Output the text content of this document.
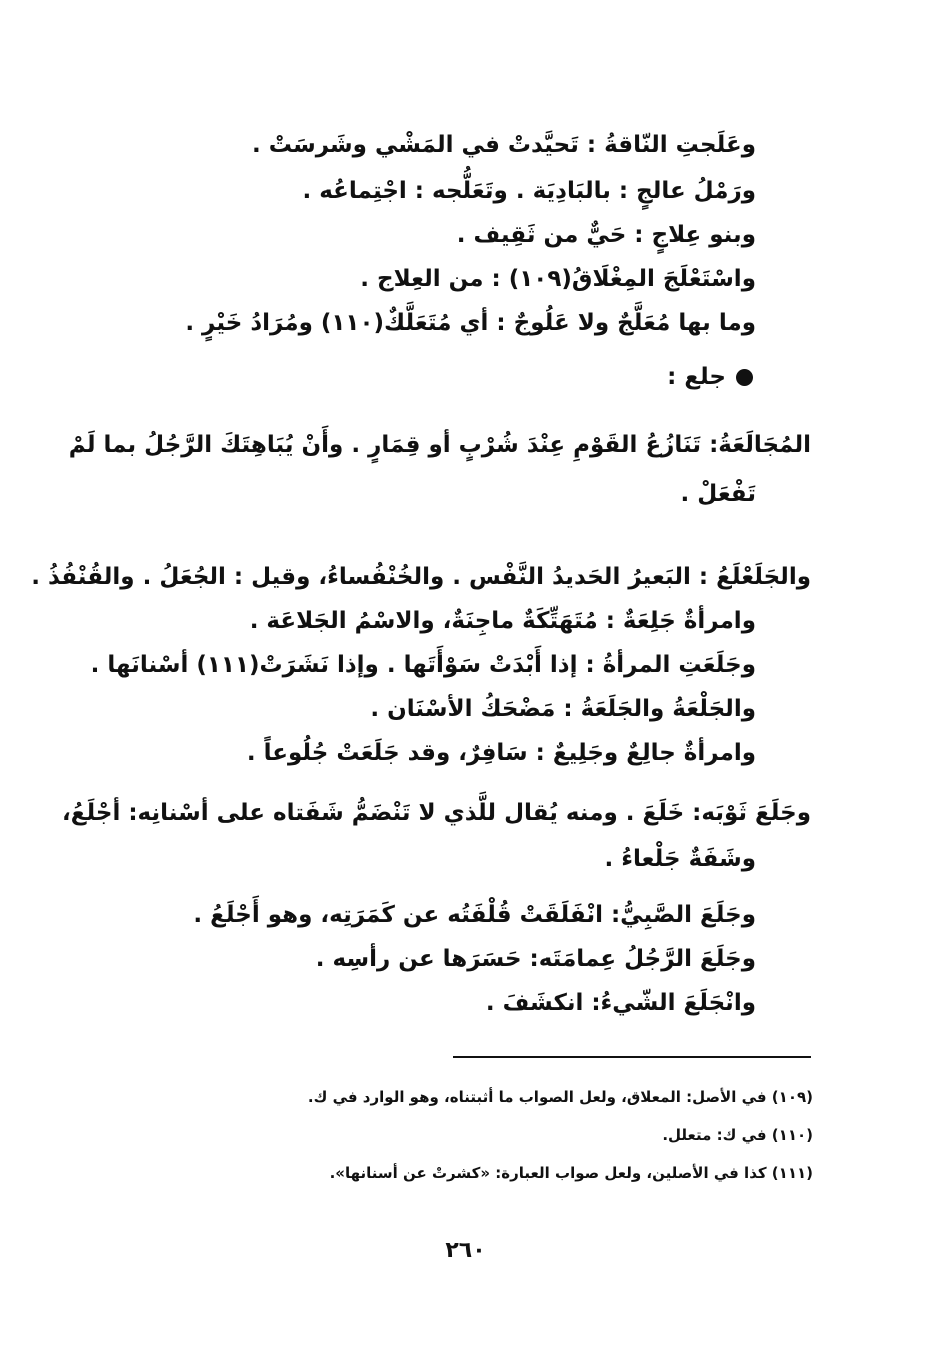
وعَلَجتِ النّاقةُ : تَحيَّدتْ في المَشْي وشَرسَتْ .
ورَمْلُ عالجٍ : بالبَادِيَة . وتَعَلُّجه : اجْتِماعُه .
وبنو عِلاجٍ : حَيٌّ من ثَقِيف .
واسْتَعْلَجَ المِغْلَاقُ(١٠٩) : من العِلاج .
وما بها مُعَلَّجٌ ولا عَلُوجٌ : أي مُتَعَلَّكٌ(١١٠) ومُرَادُ خَيْرٍ .
جلع :
المُجَالَعَةُ: تَنَازُعُ القَوْمِ عِنْدَ شُرْبٍ أو قِمَارٍ . وأَنْ يُبَاهِتَكَ الرَّجُلُ بما لَمْ
تَفْعَلْ .
والجَلَعْلَعُ : البَعيرُ الحَديدُ النَّفْس . والخُنْفُساءُ، وقيل : الجُعَلُ . والقُنْفُذُ .
وامرأةٌ جَلِعَةٌ : مُتَهَتِّكَةٌ ماجِنَةٌ، والاسْمُ الجَلاعَة .
وجَلَعَتِ المرأةُ : إذا أَبْدَتْ سَوْأَتَها . وإذا نَشَرَتْ(١١١) أسْنانَها .
والجَلْعَةُ والجَلَعَةُ : مَضْحَكُ الأسْنَان .
وامرأةٌ جالِعٌ وجَلِيعٌ : سَافِرٌ، وقد جَلَعَتْ جُلُوعاً .
وجَلَعَ ثَوْبَه: خَلَعَ . ومنه يُقال للَّذي لا تَنْضَمُّ شَفَتاه على أسْنانِه: أجْلَعُ،
وشَفَةٌ جَلْعاءُ .
وجَلَعَ الصَّبِيُّ: انْفَلَقَتْ قُلْفَتُه عن كَمَرَتِه، وهو أَجْلَعُ .
وجَلَعَ الرَّجُلُ عِمامَتَه: حَسَرَها عن رأسِه .
وانْجَلَعَ الشّيءُ: انكشَفَ .
(١٠٩) في الأصل: المعلاق، ولعل الصواب ما أثبتناه، وهو الوارد في ك.
(١١٠) في ك: متعلل.
(١١١) كذا في الأصلين، ولعل صواب العبارة: «كشرتْ عن أسنانها».
٢٦٠
